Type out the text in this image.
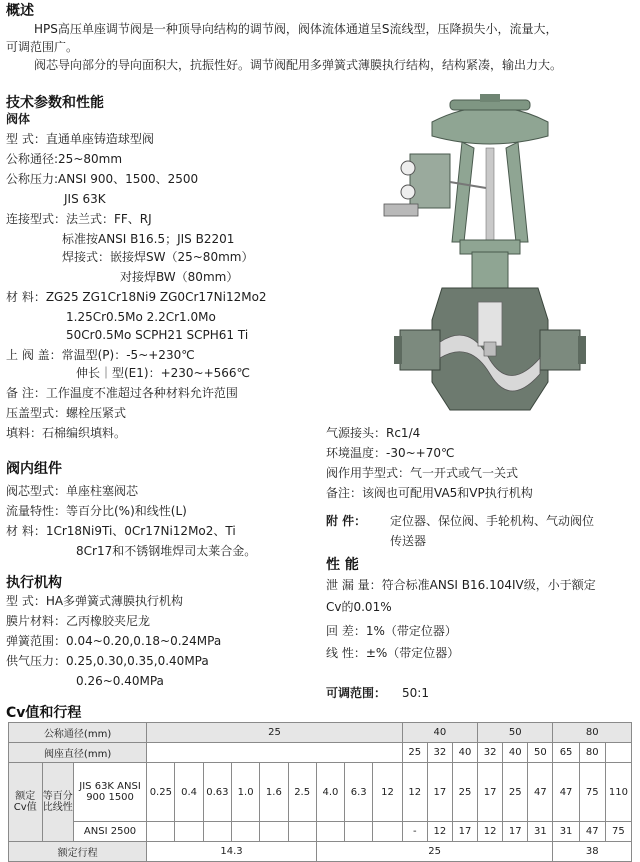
概述
HPS高压单座调节阀是一种顶导向结构的调节阀，阀体流体通道呈S流线型，压降损失小，流量大，
可调范围广。
阀芯导向部分的导向面积大，抗振性好。调节阀配用多弹簧式薄膜执行结构，结构紧凑，输出力大。
技术参数和性能
阀体
型 式：直通单座铸造球型阀
公称通径:25~80mm
公称压力:ANSI 900、1500、2500
JIS 63K
连接型式：法兰式：FF、RJ
标准按ANSI B16.5；JIS B2201
焊接式：嵌接焊SW（25~80mm）
对接焊BW（80mm）
材 料：ZG25 ZG1Cr18Ni9 ZG0Cr17Ni12Mo2
1.25Cr0.5Mo 2.2Cr1.0Mo
50Cr0.5Mo SCPH21 SCPH61 Ti
上 阀 盖：常温型(P)：-5~+230℃
伸长｜型(E1)：+230~+566℃
备 注：工作温度不准超过各种材料允许范围
压盖型式：螺栓压紧式
填料：石棉编织填料。	气源接头：Rc1/4
环境温度：-30~+70℃
阀作用芋型式：气一开式或气一关式
备注：该阀也可配用VA5和VP执行机构
附 件： 定位器、保位阀、手轮机构、气动阀位
传送器
性 能
泄 漏 量：符合标准ANSI B16.104IV级，小于额定
Cv的0.01%
回 差：1%（带定位器）
线 性：±%（带定位器）
可调范围： 50:1
阀内组件
阀芯型式：单座柱塞阀芯
流量特性：等百分比(%)和线性(L)
材 料：1Cr18Ni9Ti、0Cr17Ni12Mo2、Ti
8Cr17和不锈钢堆焊司太莱合金。
执行机构
型 式：HA多弹簧式薄膜执行机构
膜片材料：乙丙橡胶夹尼龙
弹簧范围：0.04~0.20,0.18~0.24MPa
供气压力：0.25,0.30,0.35,0.40MPa
0.26~0.40MPa
Cv值和行程
公称通径(mm)			25									40			50			80		
阀座直径(mm)												25	32	40	32	40	50	65	80	
额定Cv值	等百分比线性	JIS 63K ANSI 900 1500	0.25	0.4	0.63	1.0	1.6	2.5	4.0	6.3	12	12	17	25	17	25	47	47	75	110
		ANSI 2500										-	12	17	12	17	31	31	47	75
额定行程			14.3						25									38		
